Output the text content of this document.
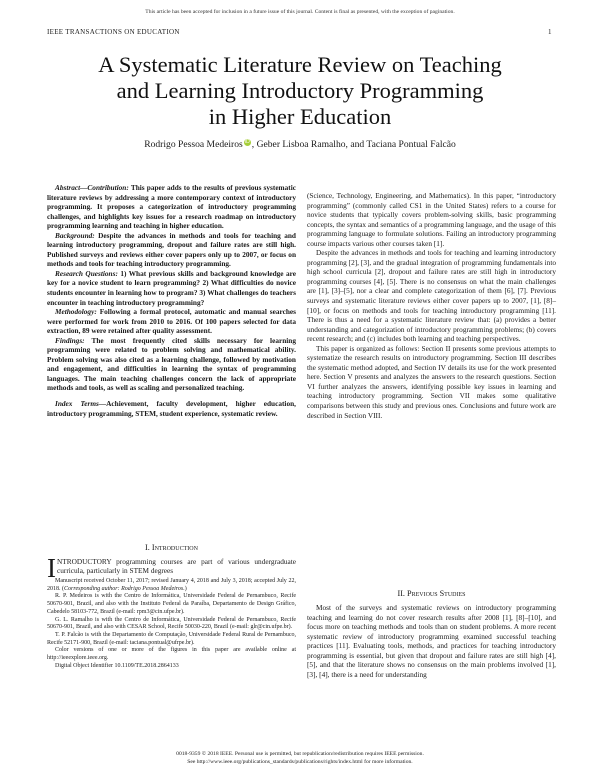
This article has been accepted for inclusion in a future issue of this journal. Content is final as presented, with the exception of pagination.
IEEE TRANSACTIONS ON EDUCATION	1
A Systematic Literature Review on Teaching
and Learning Introductory Programming
in Higher Education
Rodrigo Pessoa Medeiros iD , Geber Lisboa Ramalho, and Taciana Pontual Falcão

Abstract—Contribution: This paper adds to the results of previous systematic literature reviews by addressing a more contemporary context of introductory programming. It proposes a categorization of introductory programming challenges, and highlights key issues for a research roadmap on introductory programming learning and teaching in higher education.

Background: Despite the advances in methods and tools for teaching and learning introductory programming, dropout and failure rates are still high. Published surveys and reviews either cover papers only up to 2007, or focus on methods and tools for teaching introductory programming.

Research Questions: 1) What previous skills and background knowledge are key for a novice student to learn programming? 2) What difficulties do novice students encounter in learning how to program? 3) What challenges do teachers encounter in teaching introductory programming?

Methodology: Following a formal protocol, automatic and manual searches were performed for work from 2010 to 2016. Of 100 papers selected for data extraction, 89 were retained after quality assessment.

Findings: The most frequently cited skills necessary for learning programming were related to problem solving and mathematical ability. Problem solving was also cited as a learning challenge, followed by motivation and engagement, and difficulties in learning the syntax of programming languages. The main teaching challenges concern the lack of appropriate methods and tools, as well as scaling and personalized teaching.

Index Terms—Achievement, faculty development, higher education, introductory programming, STEM, student experience, systematic review.

I. Introduction

INTRODUCTORY programming courses are part of various undergraduate curricula, particularly in STEM degrees

Manuscript received October 11, 2017; revised January 4, 2018 and July 3, 2018; accepted July 22, 2018. (Corresponding author: Rodrigo Pessoa Medeiros.)

R. P. Medeiros is with the Centro de Informática, Universidade Federal de Pernambuco, Recife 50670-901, Brazil, and also with the Instituto Federal da Paraíba, Departamento de Design Gráfico, Cabedelo 58103-772, Brazil (e-mail: rpm3@cin.ufpe.br).

G. L. Ramalho is with the Centro de Informática, Universidade Federal de Pernambuco, Recife 50670-901, Brazil, and also with CESAR School, Recife 50030-220, Brazil (e-mail: glr@cin.ufpe.br).

T. P. Falcão is with the Departamento de Computação, Universidade Federal Rural de Pernambuco, Recife 52171-900, Brazil (e-mail: taciana.pontual@ufrpe.br).

Color versions of one or more of the figures in this paper are available online at http://ieeexplore.ieee.org.

Digital Object Identifier 10.1109/TE.2018.2864133

(Science, Technology, Engineering, and Mathematics). In this paper, “introductory programming” (commonly called CS1 in the United States) refers to a course for novice students that typically covers problem-solving skills, basic programming concepts, the syntax and semantics of a programming language, and the usage of this programming language to formulate solutions. Failing an introductory programming course impacts various other courses taken [1].

Despite the advances in methods and tools for teaching and learning introductory programming [2], [3], and the gradual integration of programming fundamentals into high school curricula [2], dropout and failure rates are still high in introductory programming courses [4], [5]. There is no consensus on what the main challenges are [1], [3]–[5], nor a clear and complete categorization of them [6], [7]. Previous surveys and systematic literature reviews either cover papers up to 2007, [1], [8]–[10], or focus on methods and tools for teaching introductory programming [11]. There is thus a need for a systematic literature review that: (a) provides a better understanding and categorization of introductory programming problems; (b) covers recent research; and (c) includes both learning and teaching perspectives.

This paper is organized as follows: Section II presents some previous attempts to systematize the research results on introductory programming. Section III describes the systematic method adopted, and Section IV details its use for the work presented here. Section V presents and analyzes the answers to the research questions. Section VI further analyzes the answers, identifying possible key issues in learning and teaching introductory programming. Section VII makes some qualitative comparisons between this study and previous ones. Conclusions and future work are described in Section VIII.

II. Previous Studies

Most of the surveys and systematic reviews on introductory programming teaching and learning do not cover research results after 2008 [1], [8]–[10], and focus more on teaching methods and tools than on student problems. A more recent systematic review of introductory programming examined successful teaching practices [11]. Evaluating tools, methods, and practices for teaching introductory programming is essential, but given that dropout and failure rates are still high [4], [5], and that the literature shows no consensus on the main problems involved [1], [3], [4], there is a need for understanding

0018-9359 © 2018 IEEE. Personal use is permitted, but republication/redistribution requires IEEE permission.
See http://www.ieee.org/publications_standards/publications/rights/index.html for more information.
